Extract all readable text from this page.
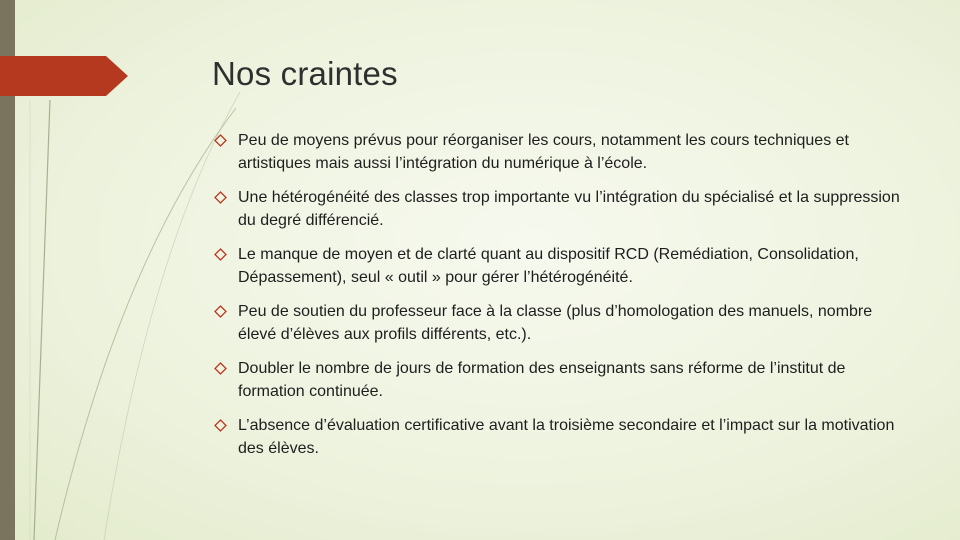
Nos craintes
Peu de moyens prévus pour réorganiser les cours, notamment les cours techniques et artistiques mais aussi l’intégration du numérique à l’école.
Une hétérogénéité des classes trop importante vu l’intégration du spécialisé et la suppression du degré différencié.
Le manque de moyen et de clarté quant au dispositif RCD (Remédiation, Consolidation, Dépassement), seul « outil » pour gérer l’hétérogénéité.
Peu de soutien du professeur face à la classe (plus d’homologation des manuels, nombre élevé d’élèves aux profils différents, etc.).
Doubler le nombre de jours de formation des enseignants sans réforme de l’institut de formation continuée.
L’absence d’évaluation certificative avant la troisième secondaire et l’impact sur la motivation des élèves.
